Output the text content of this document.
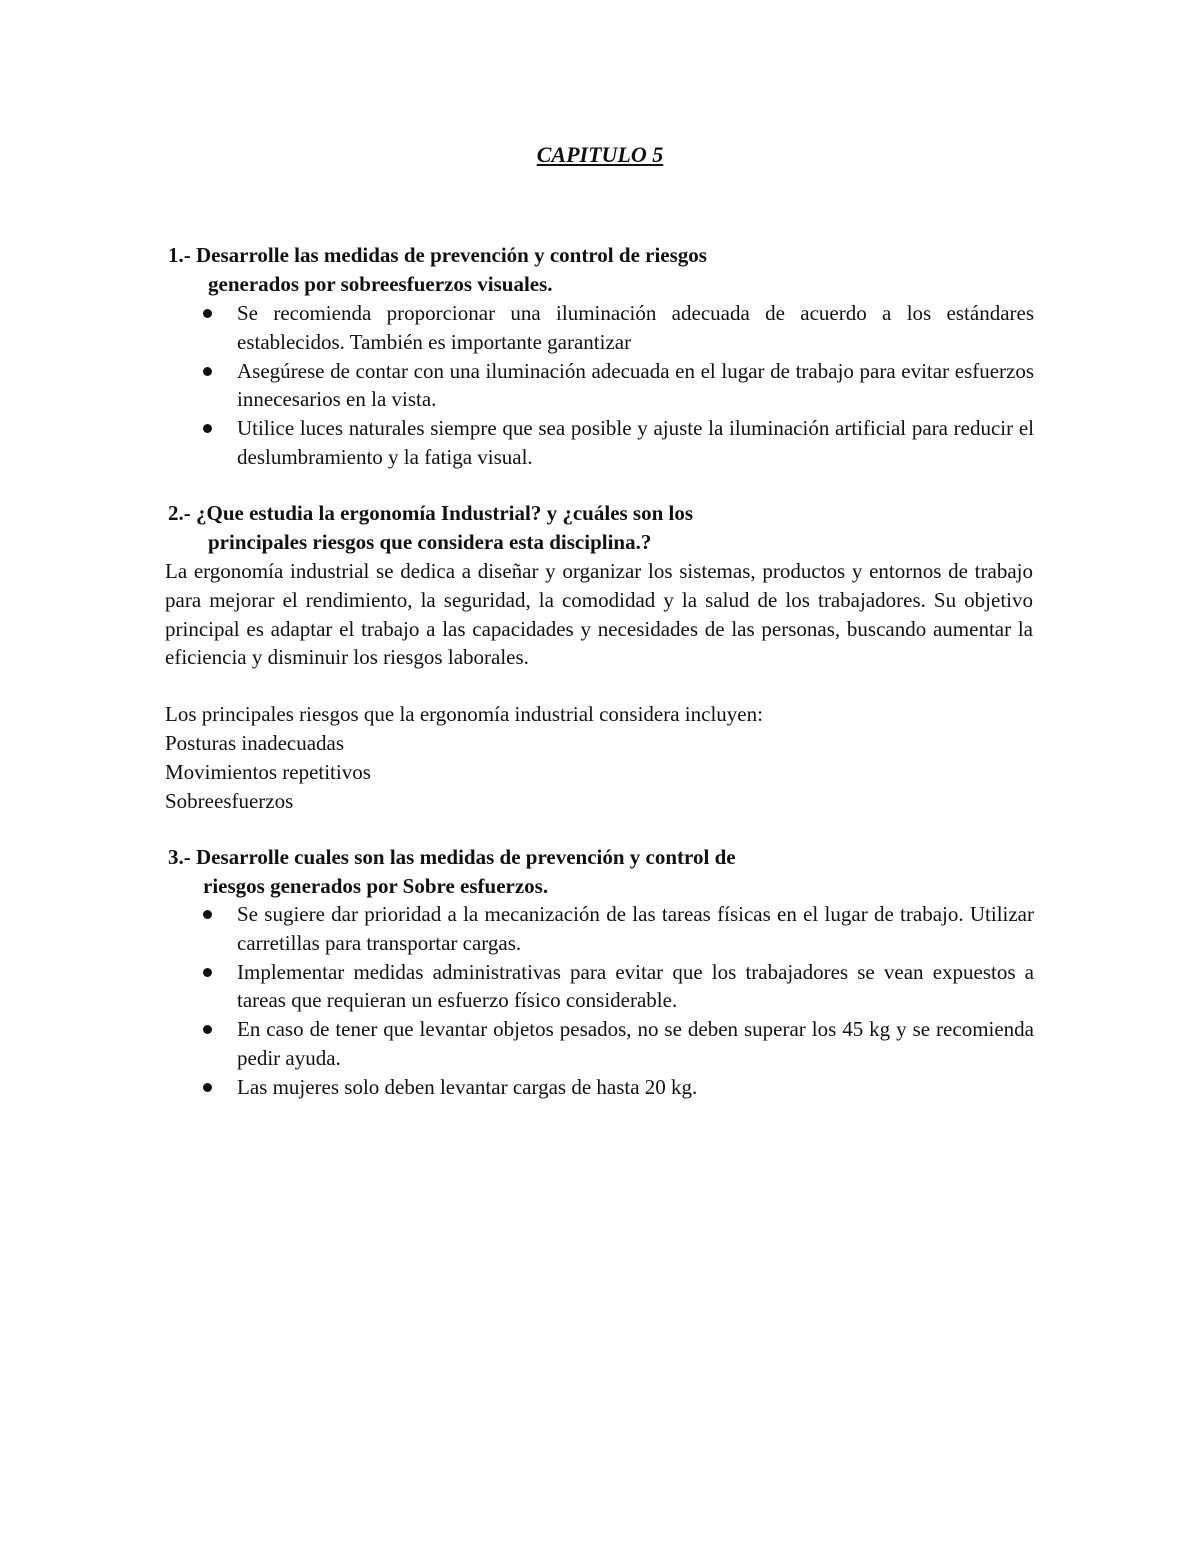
CAPITULO 5
1.- Desarrolle las medidas de prevención y control de riesgos
generados por sobreesfuerzos visuales.
Se recomienda proporcionar una iluminación adecuada de acuerdo a los estándares establecidos. También es importante garantizar
Asegúrese de contar con una iluminación adecuada en el lugar de trabajo para evitar esfuerzos innecesarios en la vista.
Utilice luces naturales siempre que sea posible y ajuste la iluminación artificial para reducir el deslumbramiento y la fatiga visual.
2.- ¿Que estudia la ergonomía Industrial? y ¿cuáles son los
principales riesgos que considera esta disciplina.?

La ergonomía industrial se dedica a diseñar y organizar los sistemas, productos y entornos de trabajo para mejorar el rendimiento, la seguridad, la comodidad y la salud de los trabajadores. Su objetivo principal es adaptar el trabajo a las capacidades y necesidades de las personas, buscando aumentar la eficiencia y disminuir los riesgos laborales.

Los principales riesgos que la ergonomía industrial considera incluyen:

Posturas inadecuadas
Movimientos repetitivos
Sobreesfuerzos
3.- Desarrolle cuales son las medidas de prevención y control de
riesgos generados por Sobre esfuerzos.
Se sugiere dar prioridad a la mecanización de las tareas físicas en el lugar de trabajo. Utilizar carretillas para transportar cargas.
Implementar medidas administrativas para evitar que los trabajadores se vean expuestos a tareas que requieran un esfuerzo físico considerable.
En caso de tener que levantar objetos pesados, no se deben superar los 45 kg y se recomienda pedir ayuda.
Las mujeres solo deben levantar cargas de hasta 20 kg.
